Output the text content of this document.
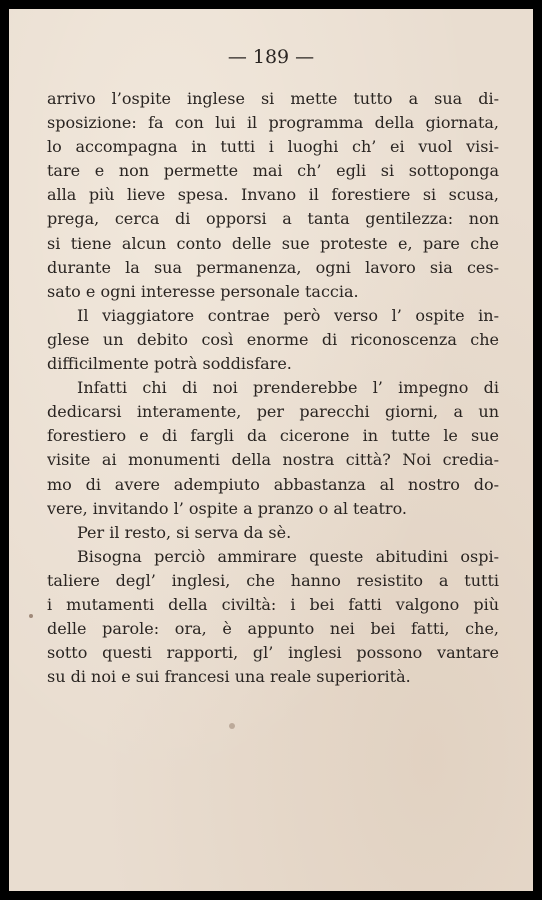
— 189 —
arrivo l’ospite inglese si mette tutto a sua di-
sposizione: fa con lui il programma della giornata,
lo accompagna in tutti i luoghi ch’ ei vuol visi-
tare e non permette mai ch’ egli si sottoponga
alla più lieve spesa. Invano il forestiere si scusa,
prega, cerca di opporsi a tanta gentilezza: non
si tiene alcun conto delle sue proteste e, pare che
durante la sua permanenza, ogni lavoro sia ces-
sato e ogni interesse personale taccia.
Il viaggiatore contrae però verso l’ ospite in-
glese un debito così enorme di riconoscenza che
difficilmente potrà soddisfare.
Infatti chi di noi prenderebbe l’ impegno di
dedicarsi interamente, per parecchi giorni, a un
forestiero e di fargli da cicerone in tutte le sue
visite ai monumenti della nostra città? Noi credia-
mo di avere adempiuto abbastanza al nostro do-
vere, invitando l’ ospite a pranzo o al teatro.
Per il resto, si serva da sè.
Bisogna perciò ammirare queste abitudini ospi-
taliere degl’ inglesi, che hanno resistito a tutti
i mutamenti della civiltà: i bei fatti valgono più
delle parole: ora, è appunto nei bei fatti, che,
sotto questi rapporti, gl’ inglesi possono vantare
su di noi e sui francesi una reale superiorità.
